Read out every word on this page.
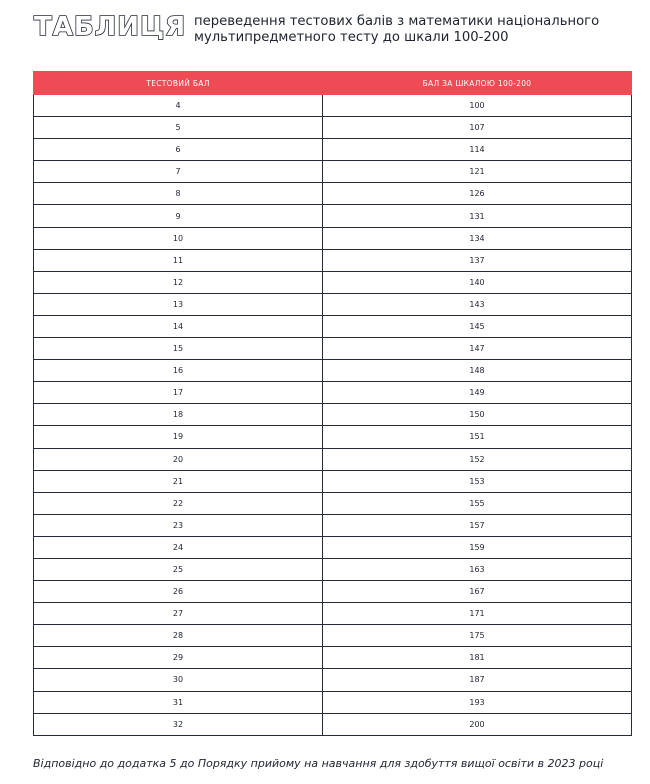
ТАБЛИЦЯ переведення тестових балів з математики національного
мультипредметного тесту до шкали 100-200
ТЕСТОВИЙ БАЛ	БАЛ ЗА ШКАЛОЮ 100-200
4	100
5	107
6	114
7	121
8	126
9	131
10	134
11	137
12	140
13	143
14	145
15	147
16	148
17	149
18	150
19	151
20	152
21	153
22	155
23	157
24	159
25	163
26	167
27	171
28	175
29	181
30	187
31	193
32	200
Відповідно до додатка 5 до Порядку прийому на навчання для здобуття вищої освіти в 2023 році
